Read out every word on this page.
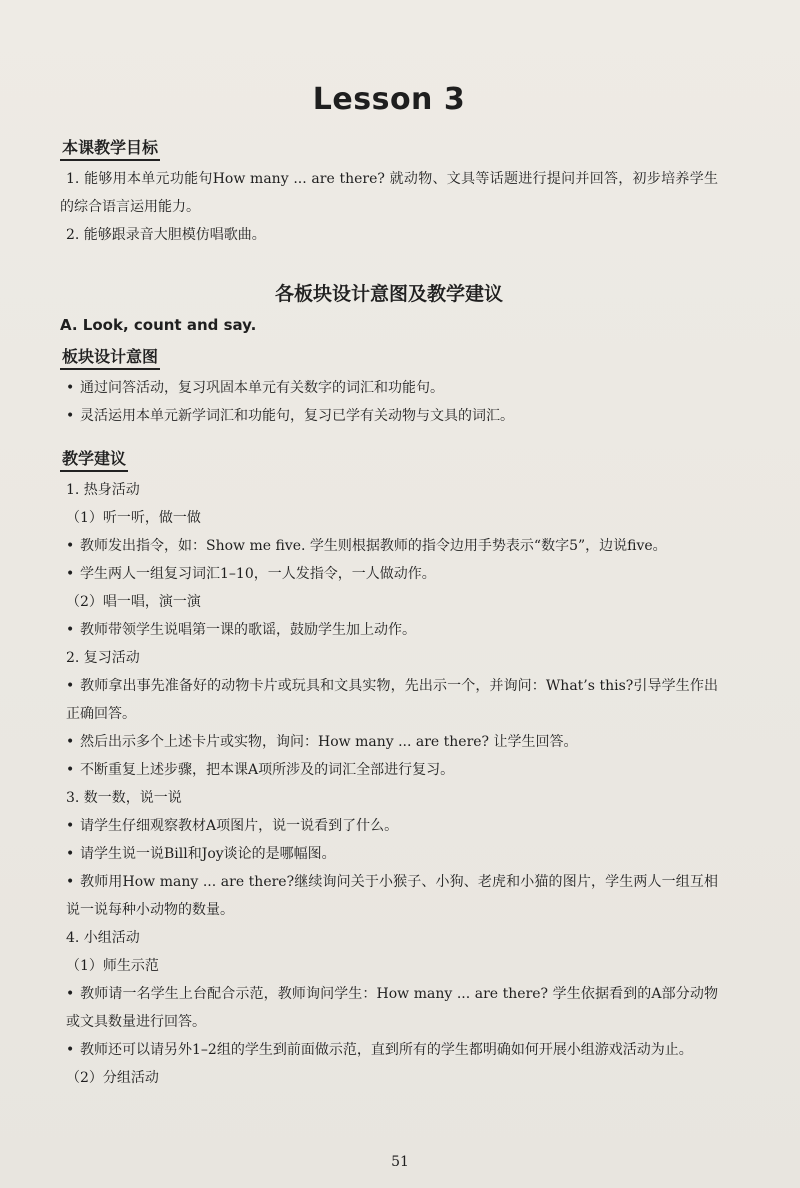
Lesson 3
本课教学目标

1. 能够用本单元功能句How many ... are there? 就动物、文具等话题进行提问并回答，初步培养学生的综合语言运用能力。

2. 能够跟录音大胆模仿唱歌曲。

各板块设计意图及教学建议
A. Look, count and say.
板块设计意图

• 通过问答活动，复习巩固本单元有关数字的词汇和功能句。

• 灵活运用本单元新学词汇和功能句，复习已学有关动物与文具的词汇。

教学建议

1. 热身活动

（1）听一听，做一做

• 教师发出指令，如：Show me five. 学生则根据教师的指令边用手势表示“数字5”，边说five。

• 学生两人一组复习词汇1–10，一人发指令，一人做动作。

（2）唱一唱，演一演

• 教师带领学生说唱第一课的歌谣，鼓励学生加上动作。

2. 复习活动

• 教师拿出事先准备好的动物卡片或玩具和文具实物，先出示一个，并询问：What’s this?引导学生作出正确回答。

• 然后出示多个上述卡片或实物，询问：How many ... are there? 让学生回答。

• 不断重复上述步骤，把本课A项所涉及的词汇全部进行复习。

3. 数一数，说一说

• 请学生仔细观察教材A项图片，说一说看到了什么。

• 请学生说一说Bill和Joy谈论的是哪幅图。

• 教师用How many ... are there?继续询问关于小猴子、小狗、老虎和小猫的图片，学生两人一组互相说一说每种小动物的数量。

4. 小组活动

（1）师生示范

• 教师请一名学生上台配合示范，教师询问学生：How many ... are there? 学生依据看到的A部分动物或文具数量进行回答。

• 教师还可以请另外1–2组的学生到前面做示范，直到所有的学生都明确如何开展小组游戏活动为止。

（2）分组活动

51
